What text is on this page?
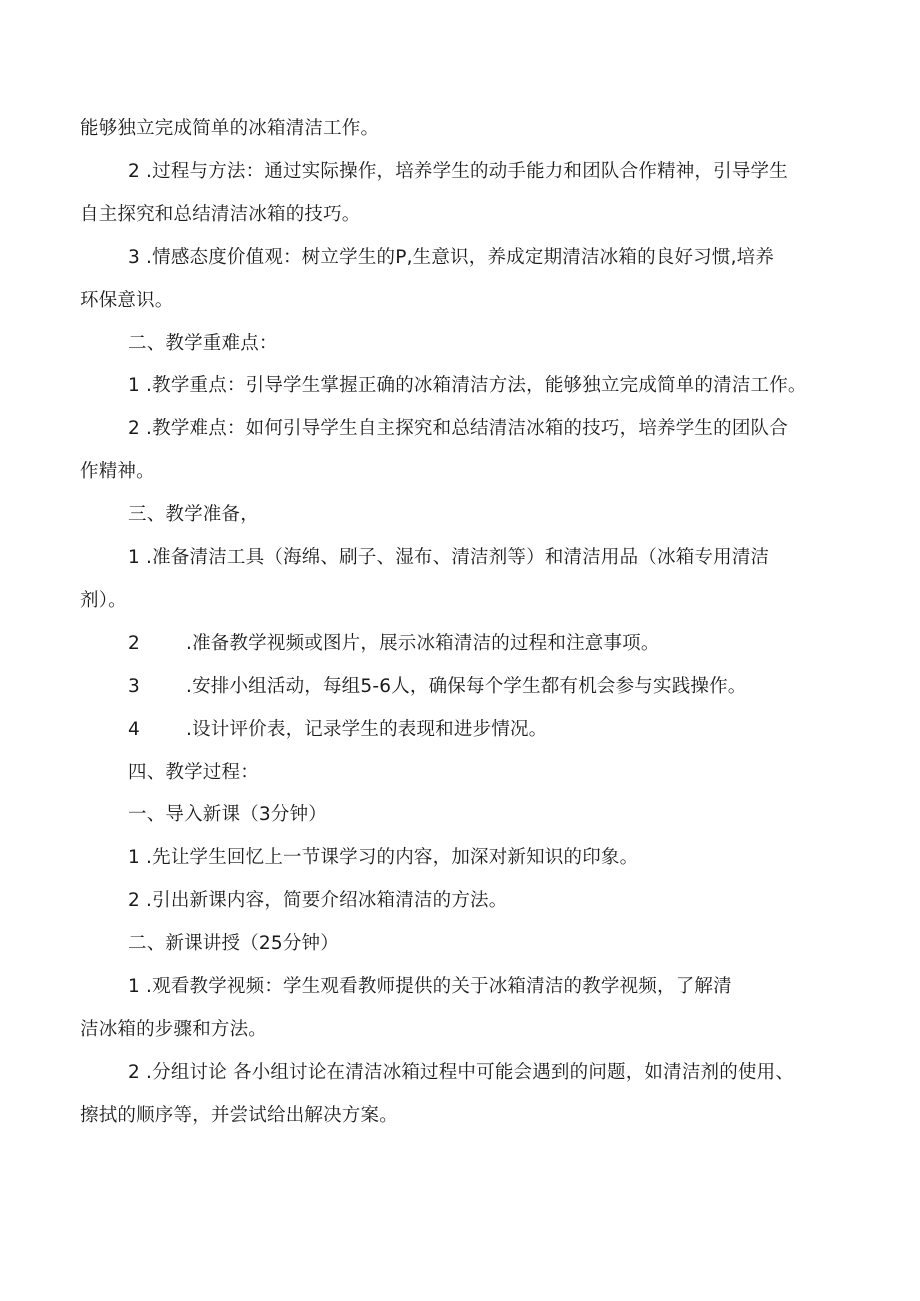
能够独立完成简单的冰箱清洁工作。
2 .过程与方法：通过实际操作，培养学生的动手能力和团队合作精神，引导学生
自主探究和总结清洁冰箱的技巧。
3 .情感态度价值观：树立学生的P,生意识，养成定期清洁冰箱的良好习惯,培养
环保意识。
二、教学重难点：
1 .教学重点：引导学生掌握正确的冰箱清洁方法，能够独立完成简单的清洁工作。
2 .教学难点：如何引导学生自主探究和总结清洁冰箱的技巧，培养学生的团队合
作精神。
三、教学准备，
1 .准备清洁工具（海绵、刷子、湿布、清洁剂等）和清洁用品（冰箱专用清洁
剂）。
2 .准备教学视频或图片，展示冰箱清洁的过程和注意事项。
3 .安排小组活动，每组5-6人，确保每个学生都有机会参与实践操作。
4 .设计评价表，记录学生的表现和进步情况。
四、教学过程：
一、导入新课（3分钟）
1 .先让学生回忆上一节课学习的内容，加深对新知识的印象。
2 .引出新课内容，简要介绍冰箱清洁的方法。
二、新课讲授（25分钟）
1 .观看教学视频：学生观看教师提供的关于冰箱清洁的教学视频，了解清
洁冰箱的步骤和方法。
2 .分组讨论 各小组讨论在清洁冰箱过程中可能会遇到的问题，如清洁剂的使用、
擦拭的顺序等，并尝试给出解决方案。
